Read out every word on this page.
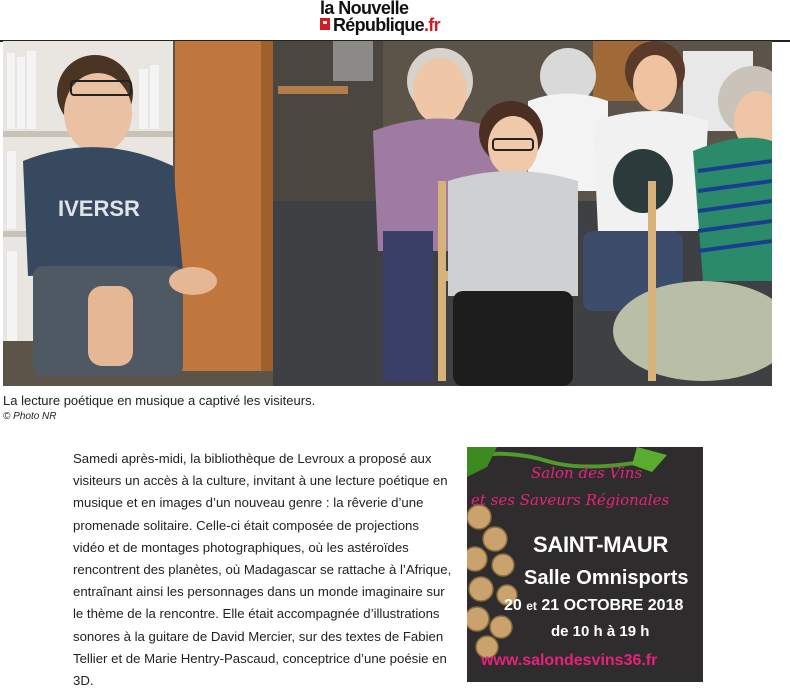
la Nouvelle
République.fr
IVERSR
La lecture poétique en musique a captivé les visiteurs.
© Photo NR
Samedi après-midi, la bibliothèque de Levroux a proposé aux visiteurs un accès à la culture, invitant à une lecture poétique en musique et en images d’un nouveau genre : la rêverie d’une promenade solitaire. Celle-ci était composée de projections vidéo et de montages photographiques, où les astéroïdes rencontrent des planètes, où Madagascar se rattache à l’Afrique, entraînant ainsi les personnages dans un monde imaginaire sur le thème de la rencontre. Elle était accompagnée d’illustrations sonores à la guitare de David Mercier, sur des textes de Fabien Tellier et de Marie Hentry-Pascaud, conceptrice d’une poésie en 3D.
Salon des Vins
et ses Saveurs Régionales
SAINT-MAUR
Salle Omnisports
20 et 21 OCTOBRE 2018
de 10 h à 19 h
www.salondesvins36.fr
